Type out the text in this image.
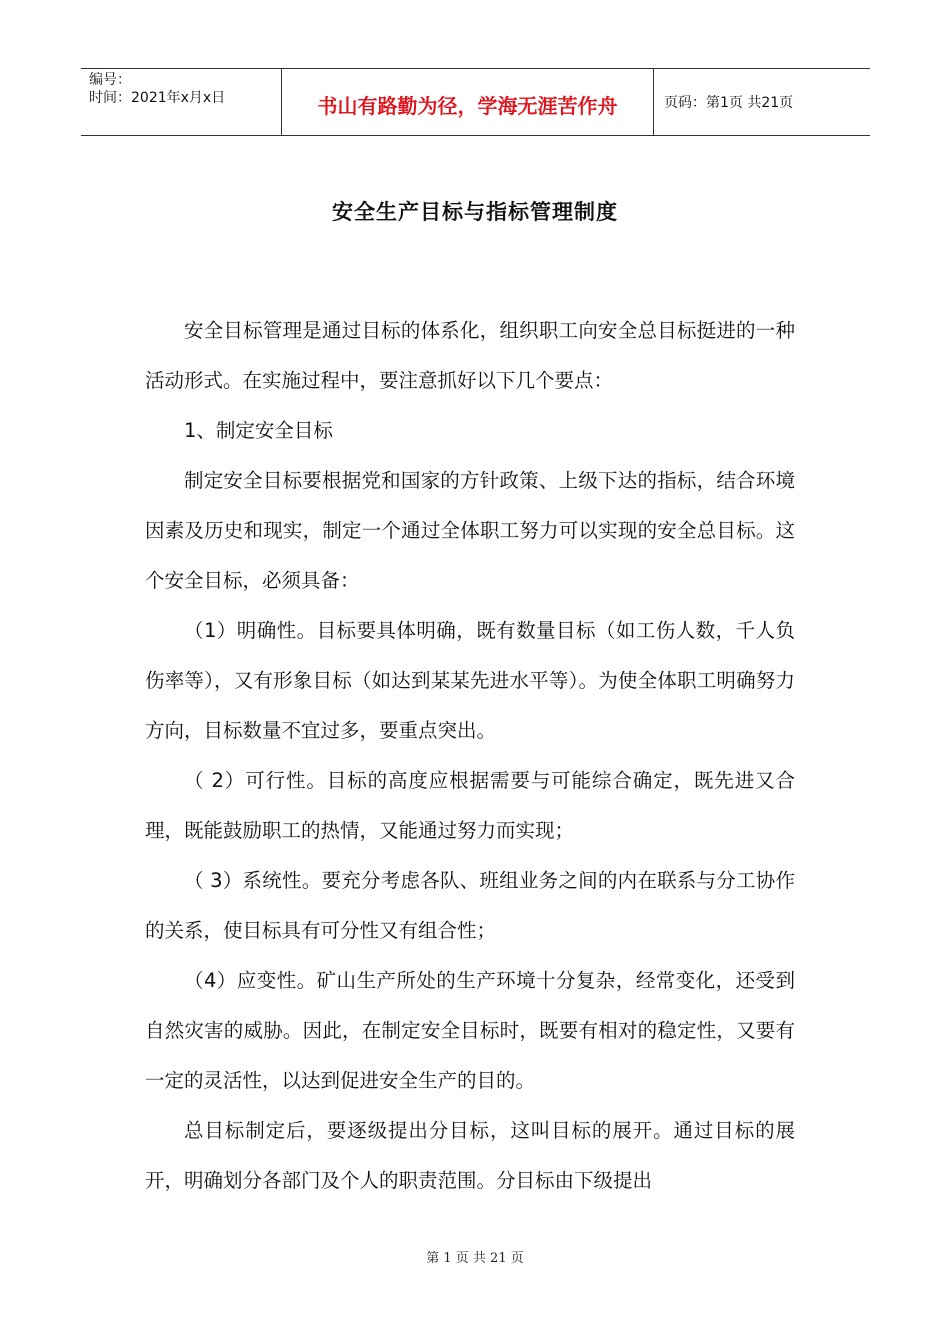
编号：
时间：2021年x月x日	书山有路勤为径，学海无涯苦作舟	页码：第1页 共21页
安全生产目标与指标管理制度

安全目标管理是通过目标的体系化，组织职工向安全总目标挺进的一种活动形式。在实施过程中，要注意抓好以下几个要点：

1、制定安全目标

制定安全目标要根据党和国家的方针政策、上级下达的指标，结合环境因素及历史和现实，制定一个通过全体职工努力可以实现的安全总目标。这个安全目标，必须具备：

（1）明确性。目标要具体明确，既有数量目标（如工伤人数，千人负伤率等），又有形象目标（如达到某某先进水平等）。为使全体职工明确努力方向，目标数量不宜过多，要重点突出。

（ 2）可行性。目标的高度应根据需要与可能综合确定，既先进又合理，既能鼓励职工的热情，又能通过努力而实现；

（ 3）系统性。要充分考虑各队、班组业务之间的内在联系与分工协作的关系，使目标具有可分性又有组合性；

（4）应变性。矿山生产所处的生产环境十分复杂，经常变化，还受到自然灾害的威胁。因此，在制定安全目标时，既要有相对的稳定性，又要有一定的灵活性，以达到促进安全生产的目的。

总目标制定后，要逐级提出分目标，这叫目标的展开。通过目标的展开，明确划分各部门及个人的职责范围。分目标由下级提出

第 1 页 共 21 页
